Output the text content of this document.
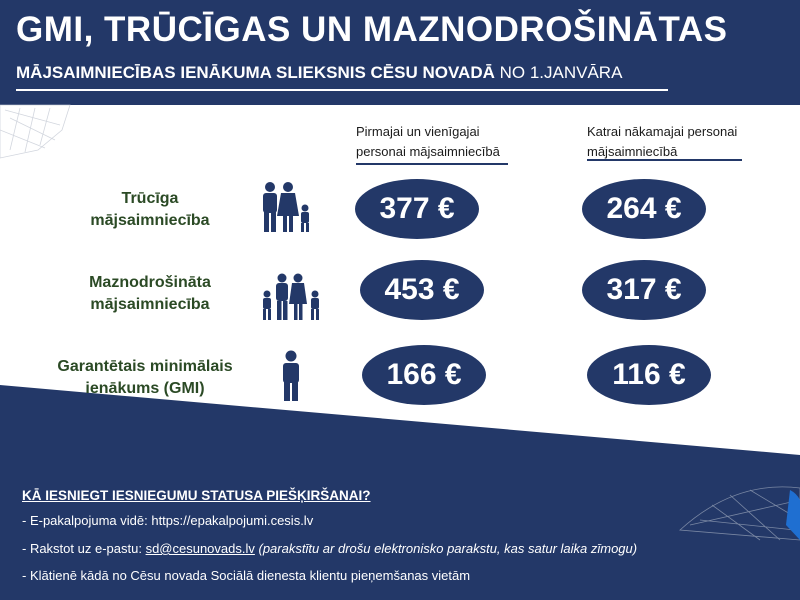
GMI, TRŪCĪGAS UN MAZNODROŠINĀTAS
MĀJSAIMNIECĪBAS IENĀKUMA SLIEKSNIS CĒSU NOVADĀ NO 1.JANVĀRA
Pirmajai un vienīgajai personai mājsaimniecībā
Katrai nākamajai personai mājsaimniecībā
Trūcīga
mājsaimniecība	377 €	264 €
Maznodrošināta
mājsaimniecība	453 €	317 €
Garantētais minimālais
ienākums (GMI)	166 €	116 €
KĀ IESNIEGT IESNIEGUMU STATUSA PIEŠĶIRŠANAI?
- E-pakalpojuma vidē: https://epakalpojumi.cesis.lv
- Rakstot uz e-pastu: sd@cesunovads.lv (parakstītu ar drošu elektronisko parakstu, kas satur laika zīmogu)
- Klātienē kādā no Cēsu novada Sociālā dienesta klientu pieņemšanas vietām
